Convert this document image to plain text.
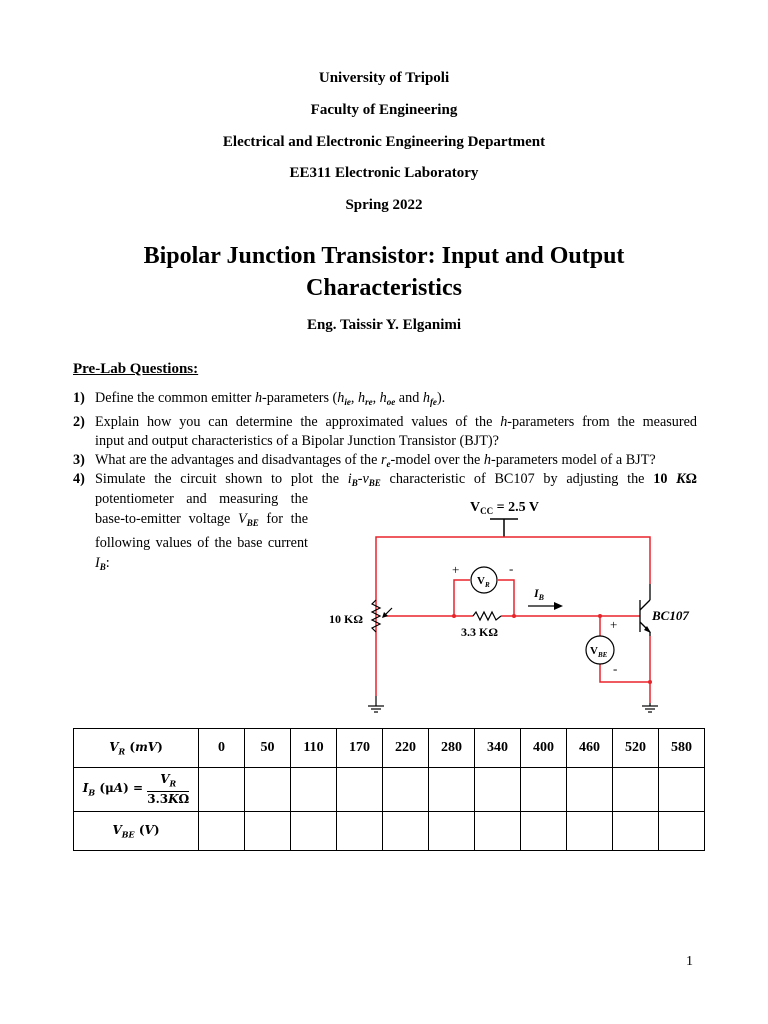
University of Tripoli
Faculty of Engineering
Electrical and Electronic Engineering Department
EE311 Electronic Laboratory
Spring 2022
Bipolar Junction Transistor: Input and Output
Characteristics
Eng. Taissir Y. Elganimi
Pre-Lab Questions:
1) Define the common emitter h-parameters ($h_{ie}$, $h_{re}$, $h_{oe}$ and $h_{fe}$).
2) Explain how you can determine the approximated values of the h-parameters from the measured
input and output characteristics of a Bipolar Junction Transistor (BJT)?
3) What are the advantages and disadvantages of the $r_e$-model over the h-parameters model of a BJT?
4) Simulate the circuit shown to plot the $i_B-v_{BE}$ characteristic of BC107 by adjusting the 10 KΩ
potentiometer and measuring the
base-to-emitter voltage $V_{BE}$ for the
following values of the base current
$I_B$:
$V_{CC} = 2.5$ V
10 KΩ
3.3 KΩ
$V_R$
+	-
$I_B$
$V_{BE}$
+
-
BC107
$V_R$ (mV)	0	50	110	170	220	280	340	400	460	520	580
$I_B$ $(\mu A) = \frac{V_R}{3.3K\Omega}$

$V_{BE}$ (V)											
1
